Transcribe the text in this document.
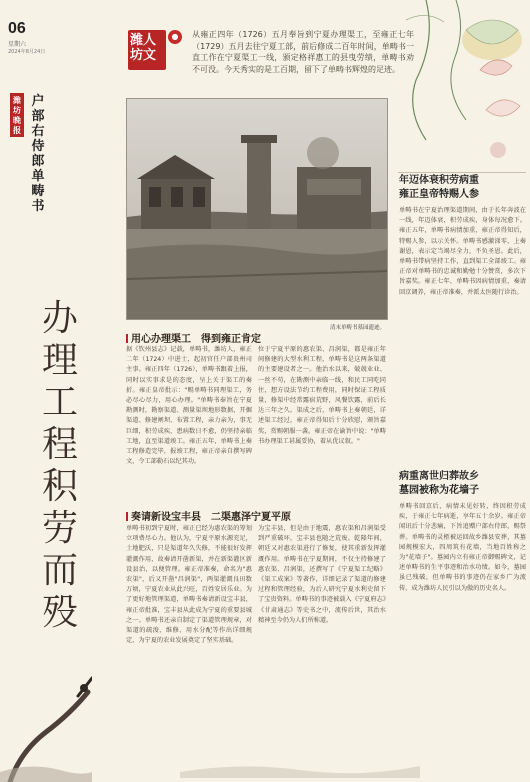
06
星期六
2024年8月24日
潍人
坊文
●	从雍正四年（1726）五月奉旨到宁夏办理渠工，至雍正七年（1729）五月去往宁夏工部，前后修成二百年时间，单畴书一直工作在宁夏渠工一线，颁定格祥惠工的县曳劳绩，单畴书劝不可没。今天秀实的是工百期，留下了单畴书辉煌的足迹。
潍坊晚报
户部右侍郎单畴书
办理工程积劳而殁
清末单畴书墓园遗迹。
用心办理渠工　得到雍正肯定
据《钦州县志》记载，单畴书，潍坊人，雍正二年（1724）中进士，起初官任户部贵州司主事。雍正四年（1726），单畴书跟着上报，同时以实事求是的态度，呈上关于渠工的奏折。雍正皇帝批示："赐单畴书同理渠工，务必尽心尽力，用心办理。"单畴书奉旨在宁夏勘测时，勘察渠道、测量渠坝地形数据，开掘渠道、修建闸坝、布置工程，亲力亲为，事无巨细，积劳成疾，患病数日不愈，仍坚持亲临工地，直至渠道竣工。雍正五年，单畴书上奏工程修造完毕，报竣工程，雍正帝亲自撰写碑文，令工部勒石以纪其功。
位于宁夏平原的惠农渠、昌润渠，都是雍正年间修建的大型水利工程，单畴书是这两条渠道的主要建设者之一。他治水以来，兢兢业业、一丝不苟，在勘测中亲临一线，和民工同吃同住，想方设法节约工程费用，同时保证工程质量，修渠中经常露宿荒野，风餐饮露，前后长达三年之久。渠成之后，单畴书上奏朝廷，详述渠工经过，雍正帝得知后十分欣慰，颁旨嘉奖，赏赐朝服一袭。雍正帝在谕旨中说："单畴书办理渠工甚属妥协，着从优议叙。"
奏请新设宝丰县　二渠惠泽宁夏平原
单畴书初到宁夏时，雍正已经为惠农渠的筹划立项费尽心力。他认为，宁夏平原水源充足，土地肥沃，只是渠道年久失修，不能很好发挥灌溉作用，故奏请开凿新渠，并在新渠灌区新设县治，以便管理。雍正帝准奏，命名为"惠农渠"，后又开凿"昌润渠"，两渠灌溉良田数万顷，宁夏农业从此兴旺，百姓安居乐业。为了更好地管理渠道，单畴书奏请新设宝丰县，雍正帝批准，宝丰县从此成为宁夏的重要县城之一。单畴书还亲自制定了渠道管理规章，对渠道的疏浚、维修、用水分配等作出详细规定，为宁夏的农业发展奠定了坚实基础。
为宝丰县，但是由于地震，惠农渠和昌润渠受到严重破坏，宝丰县也随之荒废。乾隆年间，朝廷又对惠农渠进行了修复，使其重新发挥灌溉作用。单畴书在宁夏期间，不仅主持修建了惠农渠、昌润渠，还撰写了《宁夏渠工纪略》《渠工成案》等著作，详细记录了渠道的修建过程和管理经验，为后人研究宁夏水利史留下了宝贵资料。单畴书的事迹被载入《宁夏府志》《甘肃通志》等史书之中，流传后世，其治水精神至今仍为人们所称道。
年迈体衰积劳病重
雍正皇帝特赐人参
单畴书在宁夏治理渠道期间，由于长年奔波在一线，年迈体衰，积劳成疾，身体每况愈下。雍正五年，单畴书病情加重，雍正帝得知后，特赐人参，以示关怀。单畴书感激涕零，上奏谢恩，表示定当竭尽全力，不负圣恩。此后，单畴书带病坚持工作，直到渠工全部竣工。雍正帝对单畴书的忠诚和勤勉十分赞赏，多次下旨嘉奖。雍正七年，单畴书因病情加重，奏请回京调养，雍正帝准奏，并派太医随行诊治。
病重离世归葬故乡
墓园被称为花墙子
单畴书回京后，病情未见好转，终因积劳成疾，于雍正七年病逝，享年五十余岁。雍正帝闻讯后十分悲痛，下旨追赠户部右侍郎，赐祭葬。单畴书的灵柩被运回故乡潍县安葬，其墓园规模宏大，四周筑有花墙，当地百姓称之为"花墙子"。墓园内立有雍正帝御赐碑文，记述单畴书的生平事迹和治水功绩。如今，墓园虽已残破，但单畴书的事迹仍在家乡广为流传，成为潍坊人民引以为傲的历史名人。
